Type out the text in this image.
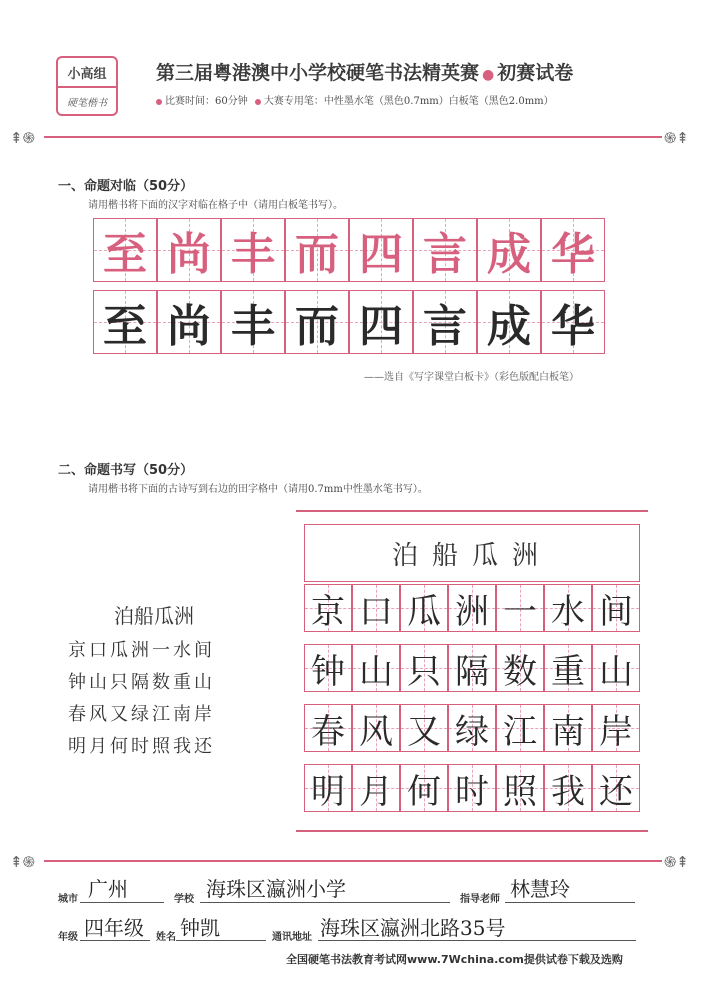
小高组
硬笔楷书
第三届粤港澳中小学校硬笔书法精英赛 ● 初赛试卷
比赛时间：60分钟 大赛专用笔：中性墨水笔（黑色0.7mm）白板笔（黑色2.0mm）
⇞֍	֍⇞
一、命题对临（50分）
请用楷书将下面的汉字对临在格子中（请用白板笔书写）。
至 尚 丰 而 四 言 成 华
至 尚 丰 而 四 言 成 华
——选自《写字课堂白板卡》（彩色版配白板笔）
二、命题书写（50分）
请用楷书将下面的古诗写到右边的田字格中（请用0.7mm中性墨水笔书写）。
泊船瓜洲
京口瓜洲一水间
钟山只隔数重山
春风又绿江南岸
明月何时照我还
泊船瓜洲
京 口 瓜 洲 一 水 间
钟 山 只 隔 数 重 山
春 风 又 绿 江 南 岸
明 月 何 时 照 我 还
⇞֍	֍⇞
城市 广州	学校 海珠区瀛洲小学	指导老师 林慧玲
年级 四年级 姓名 钟凯	通讯地址 海珠区瀛洲北路35号
全国硬笔书法教育考试网www.7Wchina.com提供试卷下载及选购
